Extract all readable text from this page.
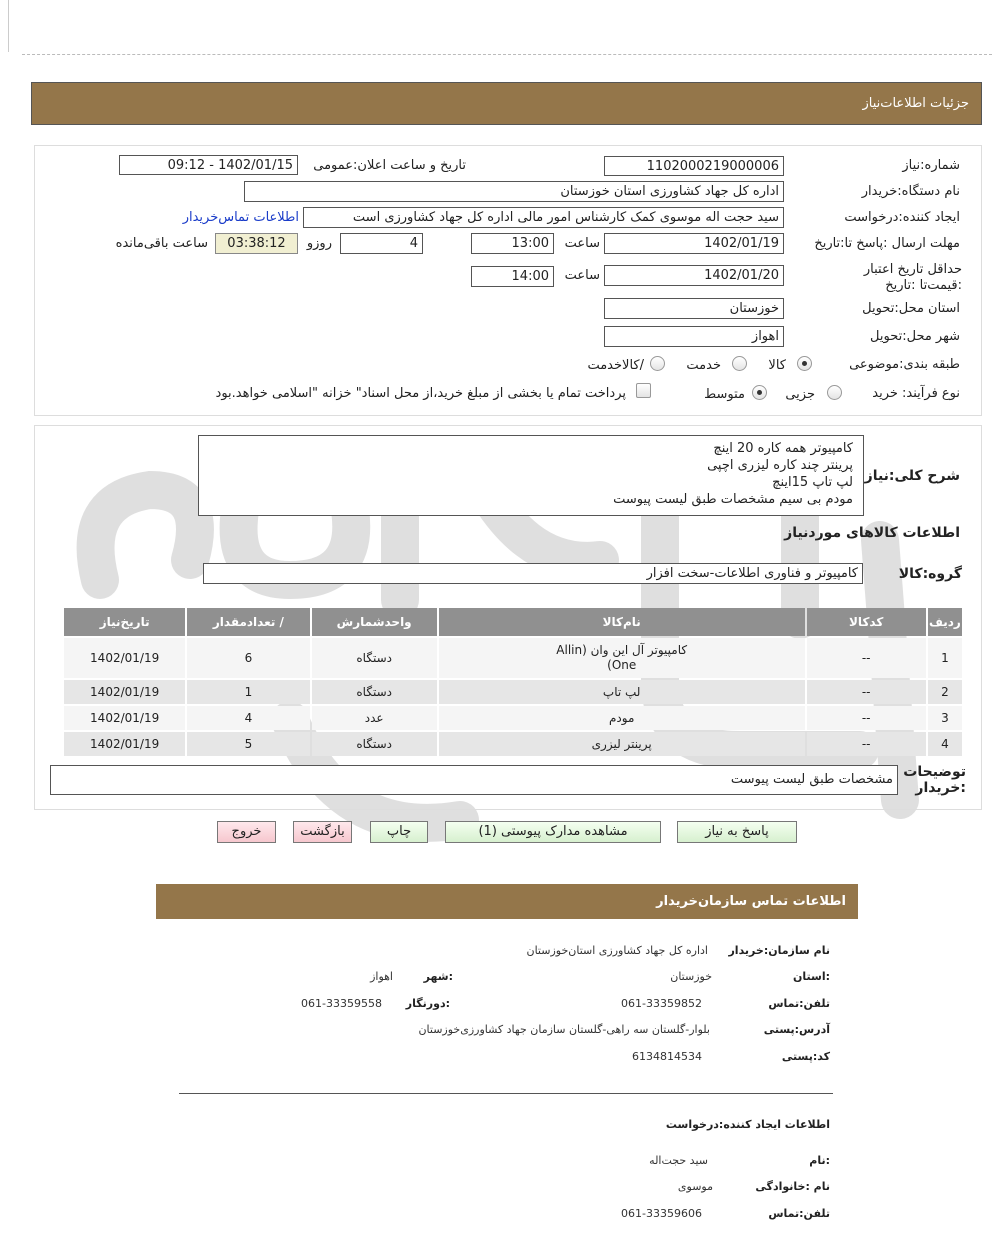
جزئیات اطلاعات‌نیاز
شماره:نیاز
1102000219000006
تاریخ و ساعت اعلان:عمومی
1402/01/15 - 09:12
نام دستگاه:خریدار
اداره کل جهاد کشاورزی استان خوزستان
ایجاد کننده:درخواست
سید حجت اله موسوی کمک کارشناس امور مالی اداره کل جهاد کشاورزی است
اطلاعات تماس‌خریدار
مهلت ارسال :پاسخ تا:تاریخ
1402/01/19
ساعت
13:00
4
روزو
03:38:12
ساعت باقی‌مانده
حداقل تاریخ اعتبار :قیمت‌تا :تاریخ
1402/01/20
ساعت
14:00
استان محل:تحویل
خوزستان
شهر محل:تحویل
اهواز
طبقه بندی:موضوعی
کالا
خدمت
/کالاخدمت
نوع فرآیند: خرید
جزیی
متوسط
پرداخت تمام یا بخشی از مبلغ خرید،از محل اسناد" خزانه "اسلامی خواهد.بود
شرح کلی:نیاز
کامپیوتر همه کاره 20 اینچ
پرینتر چند کاره لیزری اچپی
لپ تاپ 15اینچ
مودم بی سیم مشخصات طبق لیست پیوست
اطلاعات کالاهای موردنیاز
گروه:کالا
کامپیوتر و فناوری اطلاعات-سخت افزار
ردیف	کدکالا	نام‌کالا	واحدشمارش	/ تعدادمقدار	تاریخ‌نیاز
1	--	کامپیوتر آل این وان Allin) One)	دستگاه	6	1402/01/19
2	--	لپ تاپ	دستگاه	1	1402/01/19
3	--	مودم	عدد	4	1402/01/19
4	--	پرینتر لیزری	دستگاه	5	1402/01/19
توضیحات :خریدار
مشخصات طبق لیست پیوست
پاسخ به نیاز
مشاهده مدارک پیوستی (1)
چاپ
بازگشت
خروج
اطلاعات تماس سازمان‌خریدار
نام سازمان:خریدار
اداره کل جهاد کشاورزی استان‌خوزستان
:استان
خوزستان
:شهر
اهواز
تلفن:تماس
061-33359852
:دورنگار
061-33359558
آدرس:پستی
بلوار-گلستان سه راهی-گلستان سازمان جهاد کشاورزی‌خوزستان
کد:پستی
6134814534
اطلاعات ایجاد کننده:درخواست
:نام
سید حجت‌اله
نام :خانوادگی
موسوی
تلفن:تماس
061-33359606
